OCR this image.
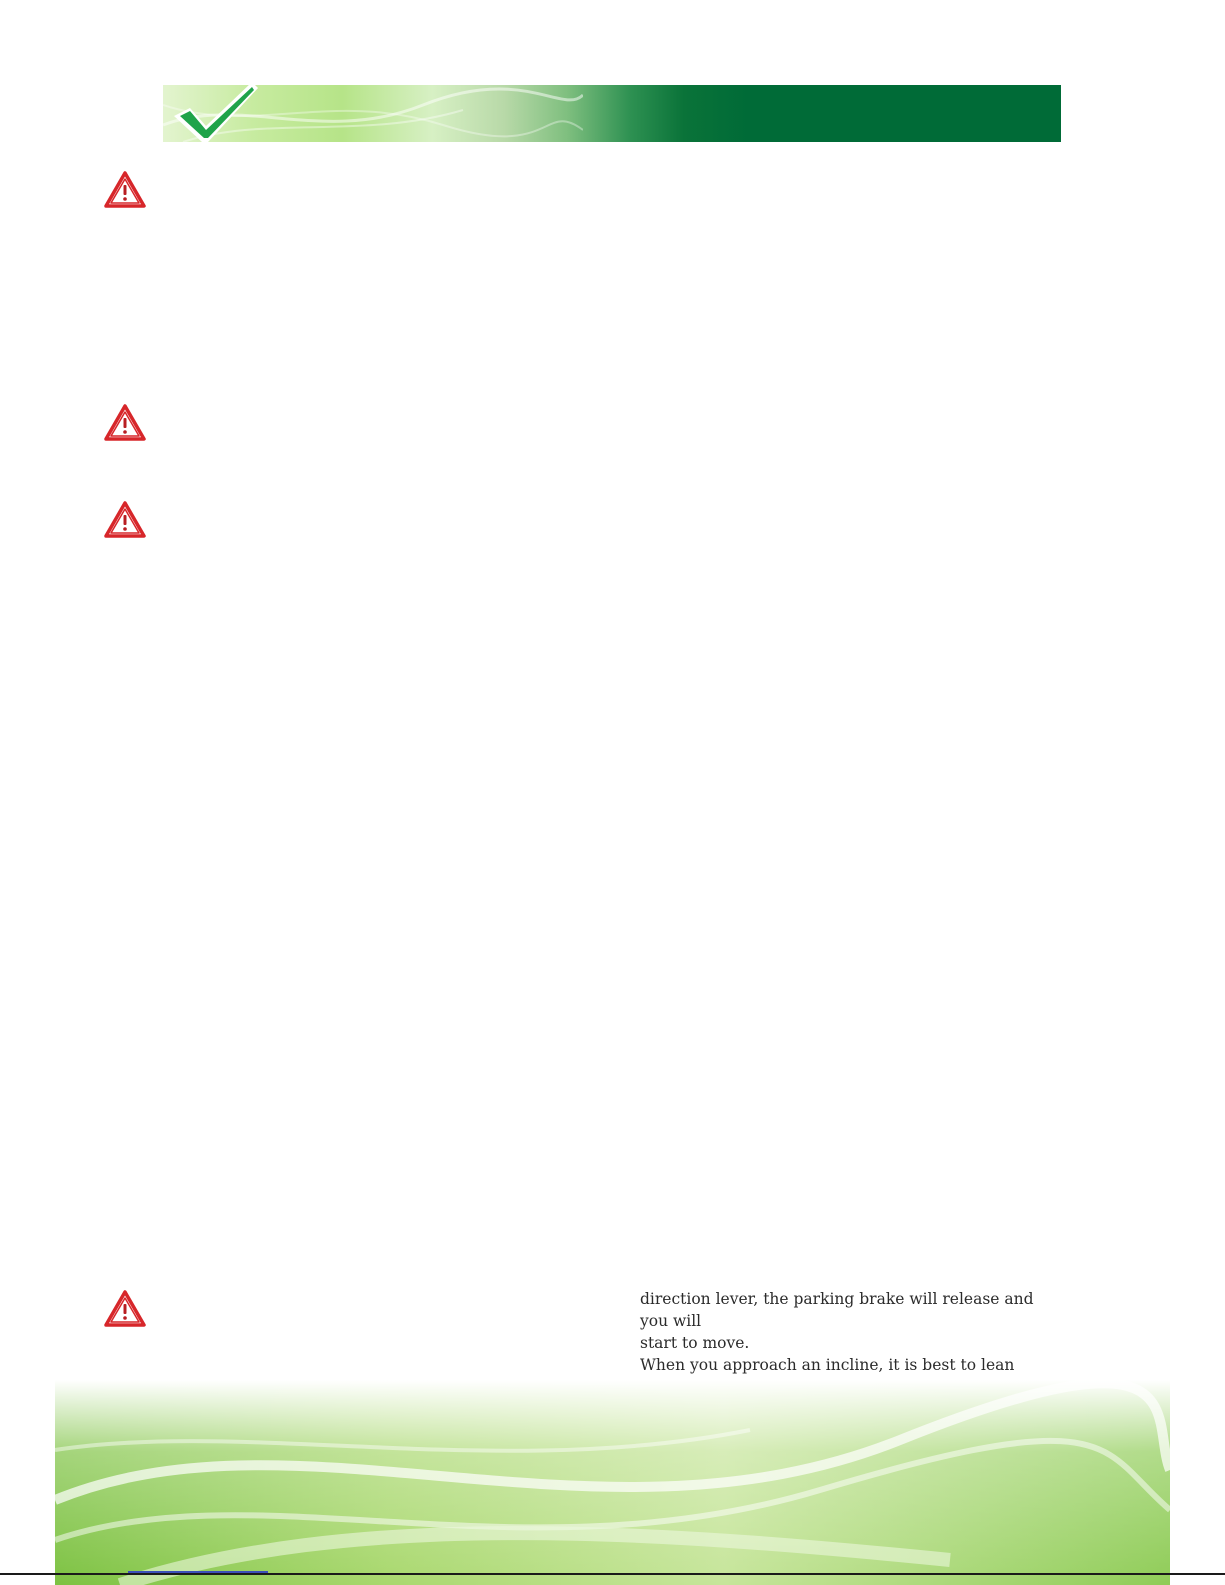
direction lever, the parking brake will release and you will

start to move.

When you approach an incline, it is best to lean
